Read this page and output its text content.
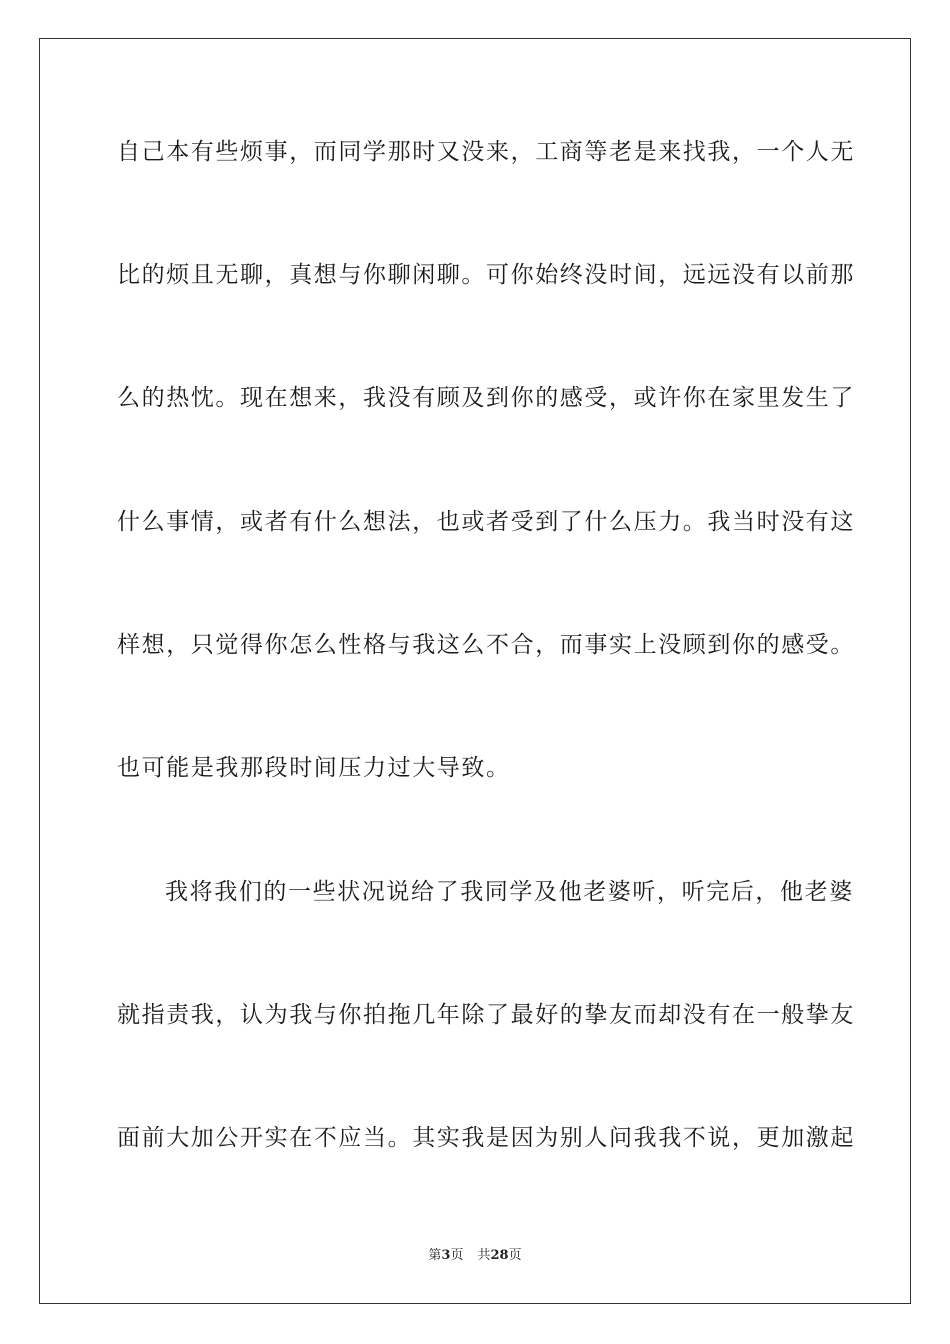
自己本有些烦事，而同学那时又没来，工商等老是来找我，一个人无
比的烦且无聊，真想与你聊闲聊。可你始终没时间，远远没有以前那
么的热忱。现在想来，我没有顾及到你的感受，或许你在家里发生了
什么事情，或者有什么想法，也或者受到了什么压力。我当时没有这
样想，只觉得你怎么性格与我这么不合，而事实上没顾到你的感受。
也可能是我那段时间压力过大导致。
我将我们的一些状况说给了我同学及他老婆听，听完后，他老婆
就指责我，认为我与你拍拖几年除了最好的挚友而却没有在一般挚友
面前大加公开实在不应当。其实我是因为别人问我我不说，更加激起
第3页 共28页
